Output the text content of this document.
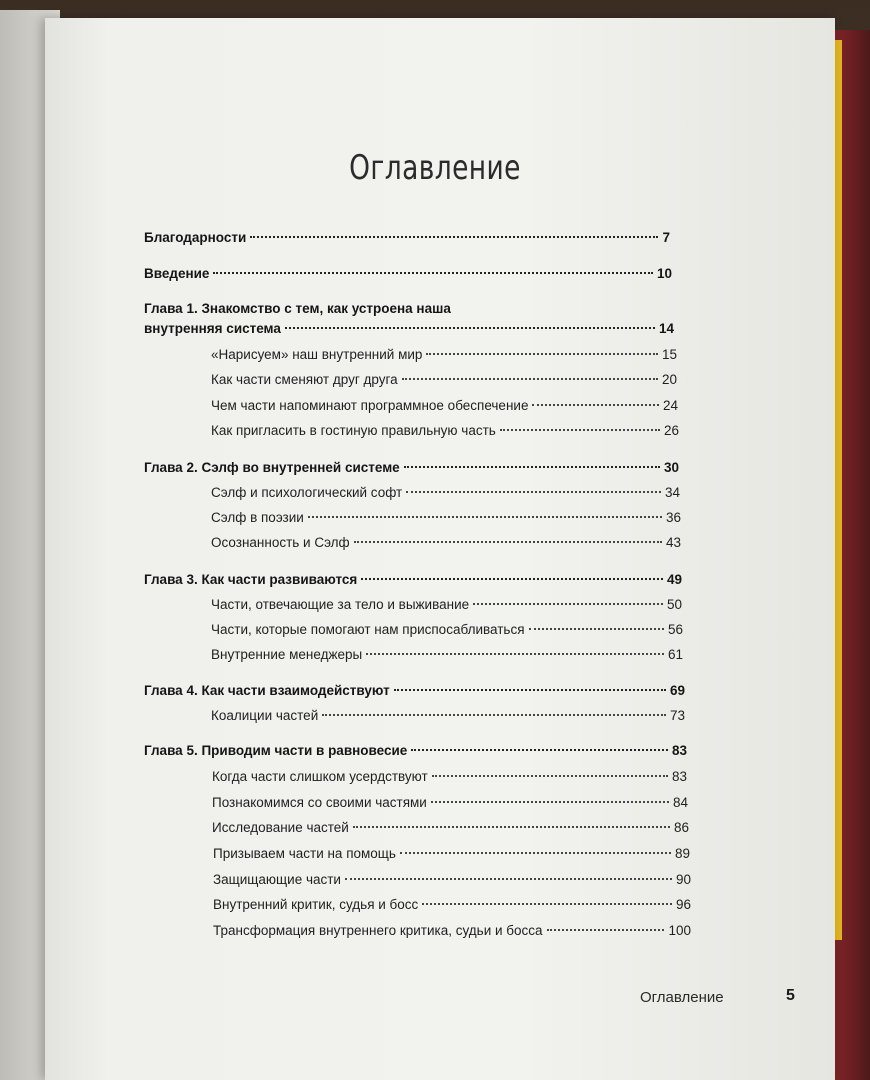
Оглавление
Благодарности	7
Введение	10
Глава 1. Знакомство с тем, как устроена наша
внутренняя система	14
«Нарисуем» наш внутренний мир	15
Как части сменяют друг друга	20
Чем части напоминают программное обеспечение	24
Как пригласить в гостиную правильную часть	26
Глава 2. Сэлф во внутренней системе	30
Сэлф и психологический софт	34
Сэлф в поэзии	36
Осознанность и Сэлф	43
Глава 3. Как части развиваются	49
Части, отвечающие за тело и выживание	50
Части, которые помогают нам приспосабливаться	56
Внутренние менеджеры	61
Глава 4. Как части взаимодействуют	69
Коалиции частей	73
Глава 5. Приводим части в равновесие	83
Когда части слишком усердствуют	83
Познакомимся со своими частями	84
Исследование частей	86
Призываем части на помощь	89
Защищающие части	90
Внутренний критик, судья и босс	96
Трансформация внутреннего критика, судьи и босса	100
Оглавление	5
